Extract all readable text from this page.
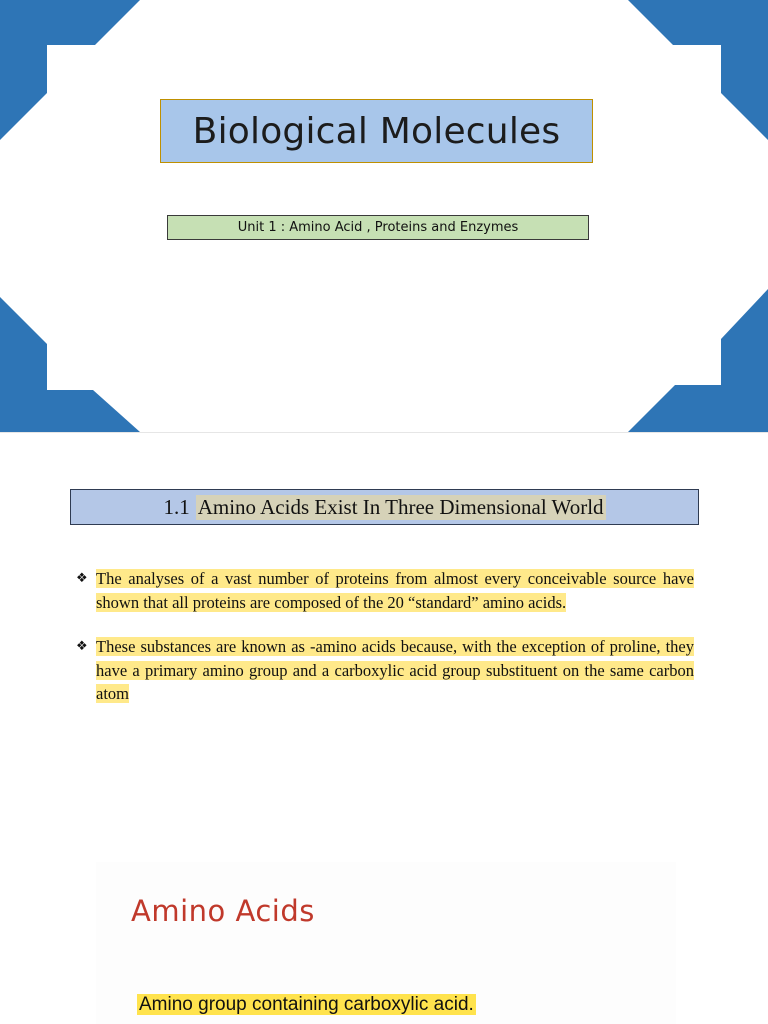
Biological Molecules
Unit 1 : Amino Acid , Proteins and Enzymes
1.1 Amino Acids Exist In Three Dimensional World
❖ The analyses of a vast number of proteins from almost every conceivable source have shown that all proteins are composed of the 20 “standard” amino acids.
❖ These substances are known as -amino acids because, with the exception of proline, they have a primary amino group and a carboxylic acid group substituent on the same carbon atom
Amino Acids
Amino group containing carboxylic acid.
